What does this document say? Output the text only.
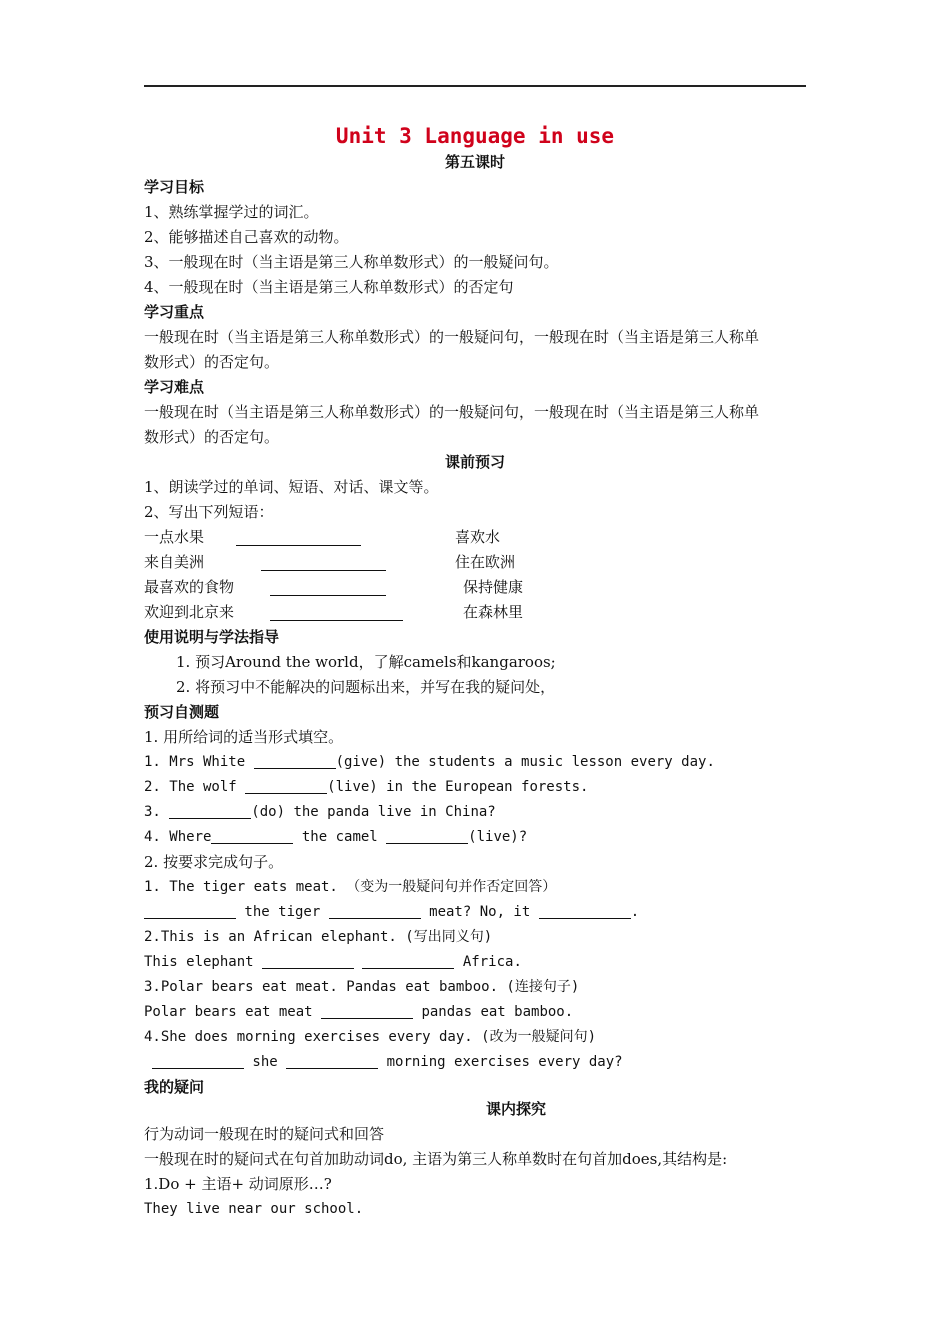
Unit 3 Language in use
第五课时
学习目标
1、熟练掌握学过的词汇。
2、能够描述自己喜欢的动物。
3、一般现在时（当主语是第三人称单数形式）的一般疑问句。
4、一般现在时（当主语是第三人称单数形式）的否定句
学习重点
一般现在时（当主语是第三人称单数形式）的一般疑问句，一般现在时（当主语是第三人称单
数形式）的否定句。
学习难点
一般现在时（当主语是第三人称单数形式）的一般疑问句，一般现在时（当主语是第三人称单
数形式）的否定句。
课前预习
1、朗读学过的单词、短语、对话、课文等。
2、写出下列短语：
一点水果	喜欢水
来自美洲	住在欧洲
最喜欢的食物	保持健康
欢迎到北京来	在森林里
使用说明与学法指导
1. 预习Around the world，了解camels和kangaroos;
2. 将预习中不能解决的问题标出来，并写在我的疑问处，
预习自测题
1. 用所给词的适当形式填空。
1. Mrs White	(give) the students a music lesson every day.
2. The wolf	(live) in the European forests.
3.	(do) the panda live in China?
4. Where	the camel	(live)?
2. 按要求完成句子。
1. The tiger eats meat. （变为一般疑问句并作否定回答）
the tiger	meat? No, it	.
2.This is an African elephant. (写出同义句)
This elephant	Africa.
3.Polar bears eat meat. Pandas eat bamboo. (连接句子)
Polar bears eat meat	pandas eat bamboo.
4.She does morning exercises every day. (改为一般疑问句)
she	morning exercises every day?
我的疑问
课内探究
行为动词一般现在时的疑问式和回答
一般现在时的疑问式在句首加助动词do, 主语为第三人称单数时在句首加does,其结构是:
1.Do + 主语+ 动词原形…?
They live near our school.
